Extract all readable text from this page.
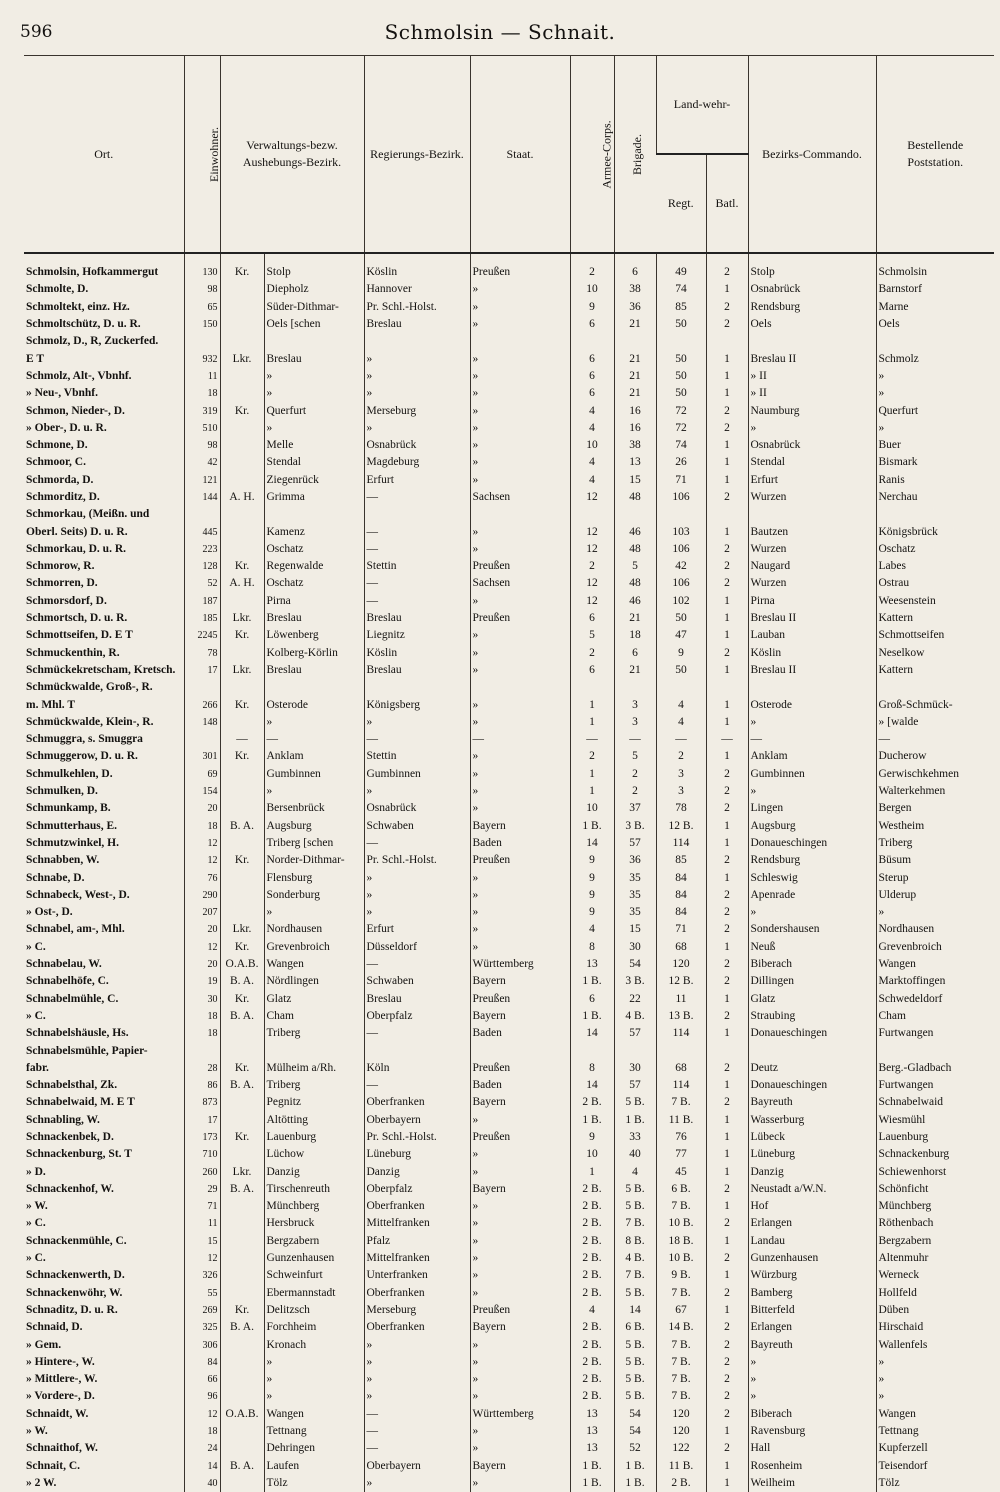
596	Schmolsin — Schnait.
Ort.	Einwohner.	Verwaltungs-bezw. Aushebungs-Bezirk.		Regierungs-Bezirk.	Staat.	Armee-Corps.	Brigade.	Land-wehr-		Bezirks-Commando.	Bestellende Poststation.
								Regt.	Batl.		

Schmolsin, Hofkammergut	130	Kr.	Stolp	Köslin	Preußen	2	6	49	2	Stolp	Schmolsin
Schmolte, D.	98		Diepholz	Hannover	»	10	38	74	1	Osnabrück	Barnstorf
Schmoltekt, einz. Hz.	65		Süder-Dithmar-	Pr. Schl.-Holst.	»	9	36	85	2	Rendsburg	Marne
Schmoltschütz, D. u. R.	150		Oels [schen	Breslau	»	6	21	50	2	Oels	Oels
Schmolz, D., R, Zuckerfed.											
E T	932	Lkr.	Breslau	»	»	6	21	50	1	Breslau II	Schmolz
Schmolz, Alt-, Vbnhf.	11		»	»	»	6	21	50	1	» II	»
» Neu-, Vbnhf.	18		»	»	»	6	21	50	1	» II	»
Schmon, Nieder-, D.	319	Kr.	Querfurt	Merseburg	»	4	16	72	2	Naumburg	Querfurt
» Ober-, D. u. R.	510		»	»	»	4	16	72	2	»	»
Schmone, D.	98		Melle	Osnabrück	»	10	38	74	1	Osnabrück	Buer
Schmoor, C.	42		Stendal	Magdeburg	»	4	13	26	1	Stendal	Bismark
Schmorda, D.	121		Ziegenrück	Erfurt	»	4	15	71	1	Erfurt	Ranis
Schmorditz, D.	144	A. H.	Grimma	—	Sachsen	12	48	106	2	Wurzen	Nerchau
Schmorkau, (Meißn. und											
Oberl. Seits) D. u. R.	445		Kamenz	—	»	12	46	103	1	Bautzen	Königsbrück
Schmorkau, D. u. R.	223		Oschatz	—	»	12	48	106	2	Wurzen	Oschatz
Schmorow, R.	128	Kr.	Regenwalde	Stettin	Preußen	2	5	42	2	Naugard	Labes
Schmorren, D.	52	A. H.	Oschatz	—	Sachsen	12	48	106	2	Wurzen	Ostrau
Schmorsdorf, D.	187		Pirna	—	»	12	46	102	1	Pirna	Weesenstein
Schmortsch, D. u. R.	185	Lkr.	Breslau	Breslau	Preußen	6	21	50	1	Breslau II	Kattern
Schmottseifen, D. E T	2245	Kr.	Löwenberg	Liegnitz	»	5	18	47	1	Lauban	Schmottseifen
Schmuckenthin, R.	78		Kolberg-Körlin	Köslin	»	2	6	9	2	Köslin	Neselkow
Schmückekretscham, Kretsch.	17	Lkr.	Breslau	Breslau	»	6	21	50	1	Breslau II	Kattern
Schmückwalde, Groß-, R.											
m. Mhl. T	266	Kr.	Osterode	Königsberg	»	1	3	4	1	Osterode	Groß-Schmück-
Schmückwalde, Klein-, R.	148		»	»	»	1	3	4	1	»	» [walde
Schmuggra, s. Smuggra		—	—	—	—	—	—	—	—	—	—
Schmuggerow, D. u. R.	301	Kr.	Anklam	Stettin	»	2	5	2	1	Anklam	Ducherow
Schmulkehlen, D.	69		Gumbinnen	Gumbinnen	»	1	2	3	2	Gumbinnen	Gerwischkehmen
Schmulken, D.	154		»	»	»	1	2	3	2	»	Walterkehmen
Schmunkamp, B.	20		Bersenbrück	Osnabrück	»	10	37	78	2	Lingen	Bergen
Schmutterhaus, E.	18	B. A.	Augsburg	Schwaben	Bayern	1 B.	3 B.	12 B.	1	Augsburg	Westheim
Schmutzwinkel, H.	12		Triberg [schen	—	Baden	14	57	114	1	Donaueschingen	Triberg
Schnabben, W.	12	Kr.	Norder-Dithmar-	Pr. Schl.-Holst.	Preußen	9	36	85	2	Rendsburg	Büsum
Schnabe, D.	76		Flensburg	»	»	9	35	84	1	Schleswig	Sterup
Schnabeck, West-, D.	290		Sonderburg	»	»	9	35	84	2	Apenrade	Ulderup
» Ost-, D.	207		»	»	»	9	35	84	2	»	»
Schnabel, am-, Mhl.	20	Lkr.	Nordhausen	Erfurt	»	4	15	71	2	Sondershausen	Nordhausen
» C.	12	Kr.	Grevenbroich	Düsseldorf	»	8	30	68	1	Neuß	Grevenbroich
Schnabelau, W.	20	O.A.B.	Wangen	—	Württemberg	13	54	120	2	Biberach	Wangen
Schnabelhöfe, C.	19	B. A.	Nördlingen	Schwaben	Bayern	1 B.	3 B.	12 B.	2	Dillingen	Marktoffingen
Schnabelmühle, C.	30	Kr.	Glatz	Breslau	Preußen	6	22	11	1	Glatz	Schwedeldorf
» C.	18	B. A.	Cham	Oberpfalz	Bayern	1 B.	4 B.	13 B.	2	Straubing	Cham
Schnabelshäusle, Hs.	18		Triberg	—	Baden	14	57	114	1	Donaueschingen	Furtwangen
Schnabelsmühle, Papier-											
fabr.	28	Kr.	Mülheim a/Rh.	Köln	Preußen	8	30	68	2	Deutz	Berg.-Gladbach
Schnabelsthal, Zk.	86	B. A.	Triberg	—	Baden	14	57	114	1	Donaueschingen	Furtwangen
Schnabelwaid, M. E T	873		Pegnitz	Oberfranken	Bayern	2 B.	5 B.	7 B.	2	Bayreuth	Schnabelwaid
Schnabling, W.	17		Altötting	Oberbayern	»	1 B.	1 B.	11 B.	1	Wasserburg	Wiesmühl
Schnackenbek, D.	173	Kr.	Lauenburg	Pr. Schl.-Holst.	Preußen	9	33	76	1	Lübeck	Lauenburg
Schnackenburg, St. T	710		Lüchow	Lüneburg	»	10	40	77	1	Lüneburg	Schnackenburg
» D.	260	Lkr.	Danzig	Danzig	»	1	4	45	1	Danzig	Schiewenhorst
Schnackenhof, W.	29	B. A.	Tirschenreuth	Oberpfalz	Bayern	2 B.	5 B.	6 B.	2	Neustadt a/W.N.	Schönficht
» W.	71		Münchberg	Oberfranken	»	2 B.	5 B.	7 B.	1	Hof	Münchberg
» C.	11		Hersbruck	Mittelfranken	»	2 B.	7 B.	10 B.	2	Erlangen	Röthenbach
Schnackenmühle, C.	15		Bergzabern	Pfalz	»	2 B.	8 B.	18 B.	1	Landau	Bergzabern
» C.	12		Gunzenhausen	Mittelfranken	»	2 B.	4 B.	10 B.	2	Gunzenhausen	Altenmuhr
Schnackenwerth, D.	326		Schweinfurt	Unterfranken	»	2 B.	7 B.	9 B.	1	Würzburg	Werneck
Schnackenwöhr, W.	55		Ebermannstadt	Oberfranken	»	2 B.	5 B.	7 B.	2	Bamberg	Hollfeld
Schnaditz, D. u. R.	269	Kr.	Delitzsch	Merseburg	Preußen	4	14	67	1	Bitterfeld	Düben
Schnaid, D.	325	B. A.	Forchheim	Oberfranken	Bayern	2 B.	6 B.	14 B.	2	Erlangen	Hirschaid
» Gem.	306		Kronach	»	»	2 B.	5 B.	7 B.	2	Bayreuth	Wallenfels
» Hintere-, W.	84		»	»	»	2 B.	5 B.	7 B.	2	»	»
» Mittlere-, W.	66		»	»	»	2 B.	5 B.	7 B.	2	»	»
» Vordere-, D.	96		»	»	»	2 B.	5 B.	7 B.	2	»	»
Schnaidt, W.	12	O.A.B.	Wangen	—	Württemberg	13	54	120	2	Biberach	Wangen
» W.	18		Tettnang	—	»	13	54	120	1	Ravensburg	Tettnang
Schnaithof, W.	24		Dehringen	—	»	13	52	122	2	Hall	Kupferzell
Schnait, C.	14	B. A.	Laufen	Oberbayern	Bayern	1 B.	1 B.	11 B.	1	Rosenheim	Teisendorf
» 2 W.	40		Tölz	»	»	1 B.	1 B.	2 B.	1	Weilheim	Tölz
